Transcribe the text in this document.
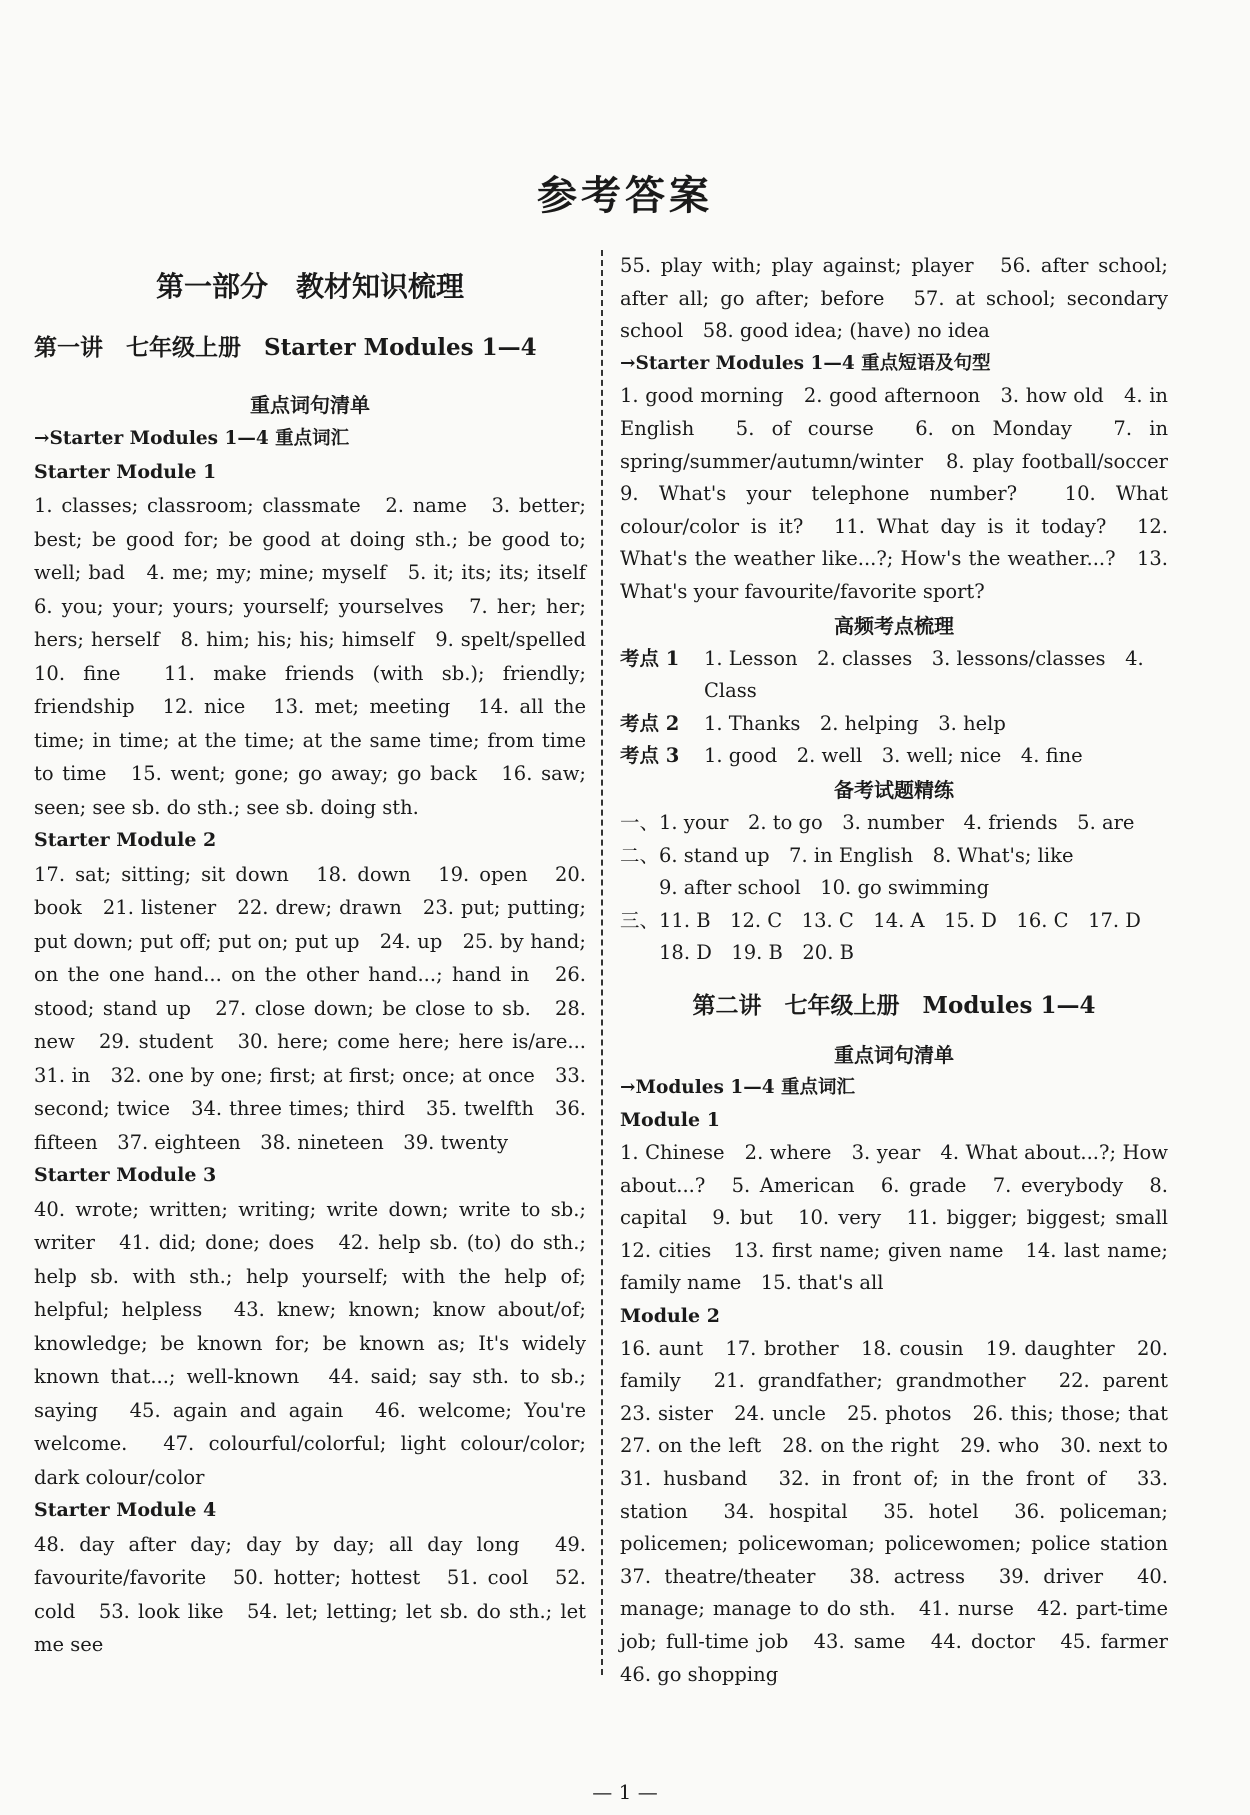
参考答案
第一部分　教材知识梳理
第一讲　七年级上册　Starter Modules 1—4
重点词句清单
→Starter Modules 1—4 重点词汇
Starter Module 1
1. classes; classroom; classmate　2. name　3. better; best; be good for; be good at doing sth.; be good to; well; bad　4. me; my; mine; myself　5. it; its; its; itself　6. you; your; yours; yourself; yourselves　7. her; her; hers; herself　8. him; his; his; himself　9. spelt/spelled　10. fine　11. make friends (with sb.); friendly; friendship　12. nice　13. met; meeting　14. all the time; in time; at the time; at the same time; from time to time　15. went; gone; go away; go back　16. saw; seen; see sb. do sth.; see sb. doing sth.
Starter Module 2
17. sat; sitting; sit down　18. down　19. open　20. book　21. listener　22. drew; drawn　23. put; putting; put down; put off; put on; put up　24. up　25. by hand; on the one hand... on the other hand...; hand in　26. stood; stand up　27. close down; be close to sb.　28. new　29. student　30. here; come here; here is/are...　31. in　32. one by one; first; at first; once; at once　33. second; twice　34. three times; third　35. twelfth　36. fifteen　37. eighteen　38. nineteen　39. twenty
Starter Module 3
40. wrote; written; writing; write down; write to sb.; writer　41. did; done; does　42. help sb. (to) do sth.; help sb. with sth.; help yourself; with the help of; helpful; helpless　43. knew; known; know about/of; knowledge; be known for; be known as; It's widely known that...; well-known　44. said; say sth. to sb.; saying　45. again and again　46. welcome; You're welcome.　47. colourful/colorful; light colour/color; dark colour/color
Starter Module 4
48. day after day; day by day; all day long　49. favourite/favorite　50. hotter; hottest　51. cool　52. cold　53. look like　54. let; letting; let sb. do sth.; let me see
55. play with; play against; player　56. after school; after all; go after; before　57. at school; secondary school　58. good idea; (have) no idea
→Starter Modules 1—4 重点短语及句型
1. good morning　2. good afternoon　3. how old　4. in English　5. of course　6. on Monday　7. in spring/summer/autumn/winter　8. play football/soccer　9. What's your telephone number?　10. What colour/color is it?　11. What day is it today?　12. What's the weather like...?; How's the weather...?　13. What's your favourite/favorite sport?
高频考点梳理
考点 1	1. Lesson　2. classes　3. lessons/classes　4. Class
考点 2	1. Thanks　2. helping　3. help
考点 3	1. good　2. well　3. well; nice　4. fine
备考试题精练
一、1. your　2. to go　3. number　4. friends　5. are
二、6. stand up　7. in English　8. What's; like
　　9. after school　10. go swimming
三、11. B　12. C　13. C　14. A　15. D　16. C　17. D
　　18. D　19. B　20. B
第二讲　七年级上册　Modules 1—4
重点词句清单
→Modules 1—4 重点词汇
Module 1
1. Chinese　2. where　3. year　4. What about...?; How about...?　5. American　6. grade　7. everybody　8. capital　9. but　10. very　11. bigger; biggest; small　12. cities　13. first name; given name　14. last name; family name　15. that's all
Module 2
16. aunt　17. brother　18. cousin　19. daughter　20. family　21. grandfather; grandmother　22. parent　23. sister　24. uncle　25. photos　26. this; those; that　27. on the left　28. on the right　29. who　30. next to　31. husband　32. in front of; in the front of　33. station　34. hospital　35. hotel　36. policeman; policemen; policewoman; policewomen; police station　37. theatre/theater　38. actress　39. driver　40. manage; manage to do sth.　41. nurse　42. part-time job; full-time job　43. same　44. doctor　45. farmer　46. go shopping
— 1 —
